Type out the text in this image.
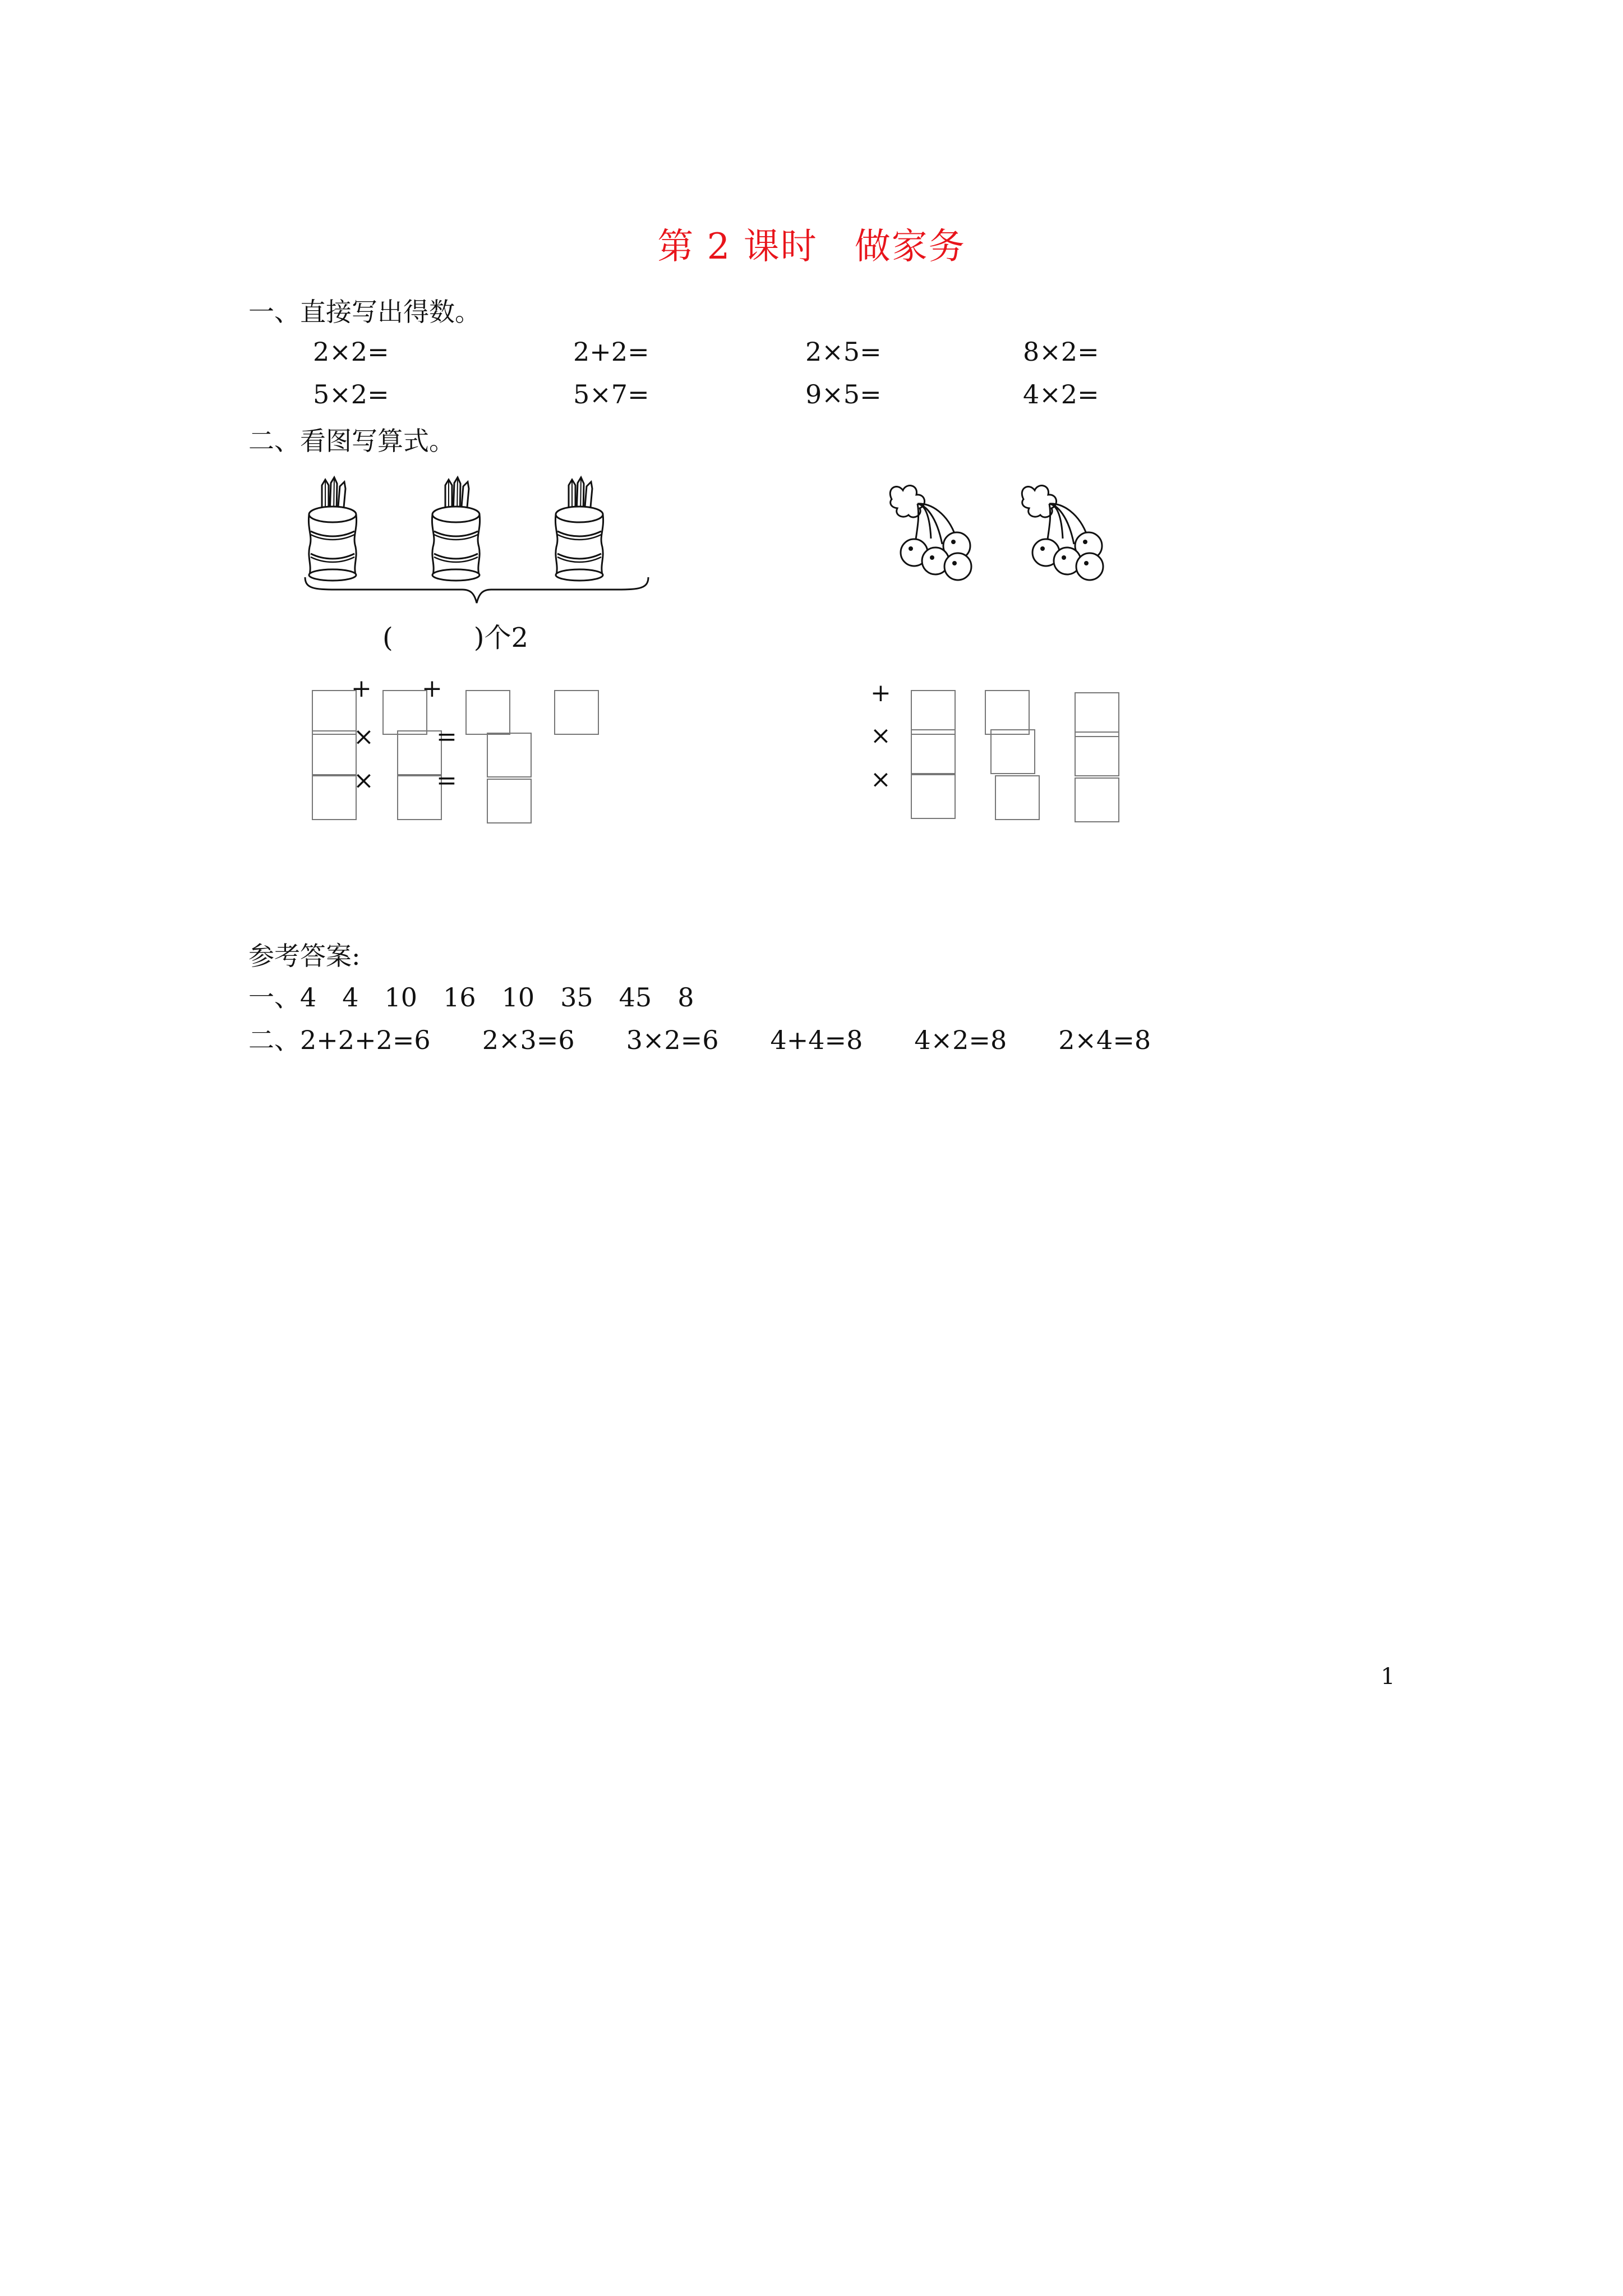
第 2 课时　做家务
一、直接写出得数。
2×2=	2+2=	2×5=	8×2=
5×2=	5×7=	9×5=	4×2=
二、看图写算式。
(　　　)个2
+ +
×	=
×	=
+
×
×
参考答案:
一、4　4　10　16　10　35　45　8
二、2+2+2=6　　2×3=6　　3×2=6　　4+4=8　　4×2=8　　2×4=8
1
